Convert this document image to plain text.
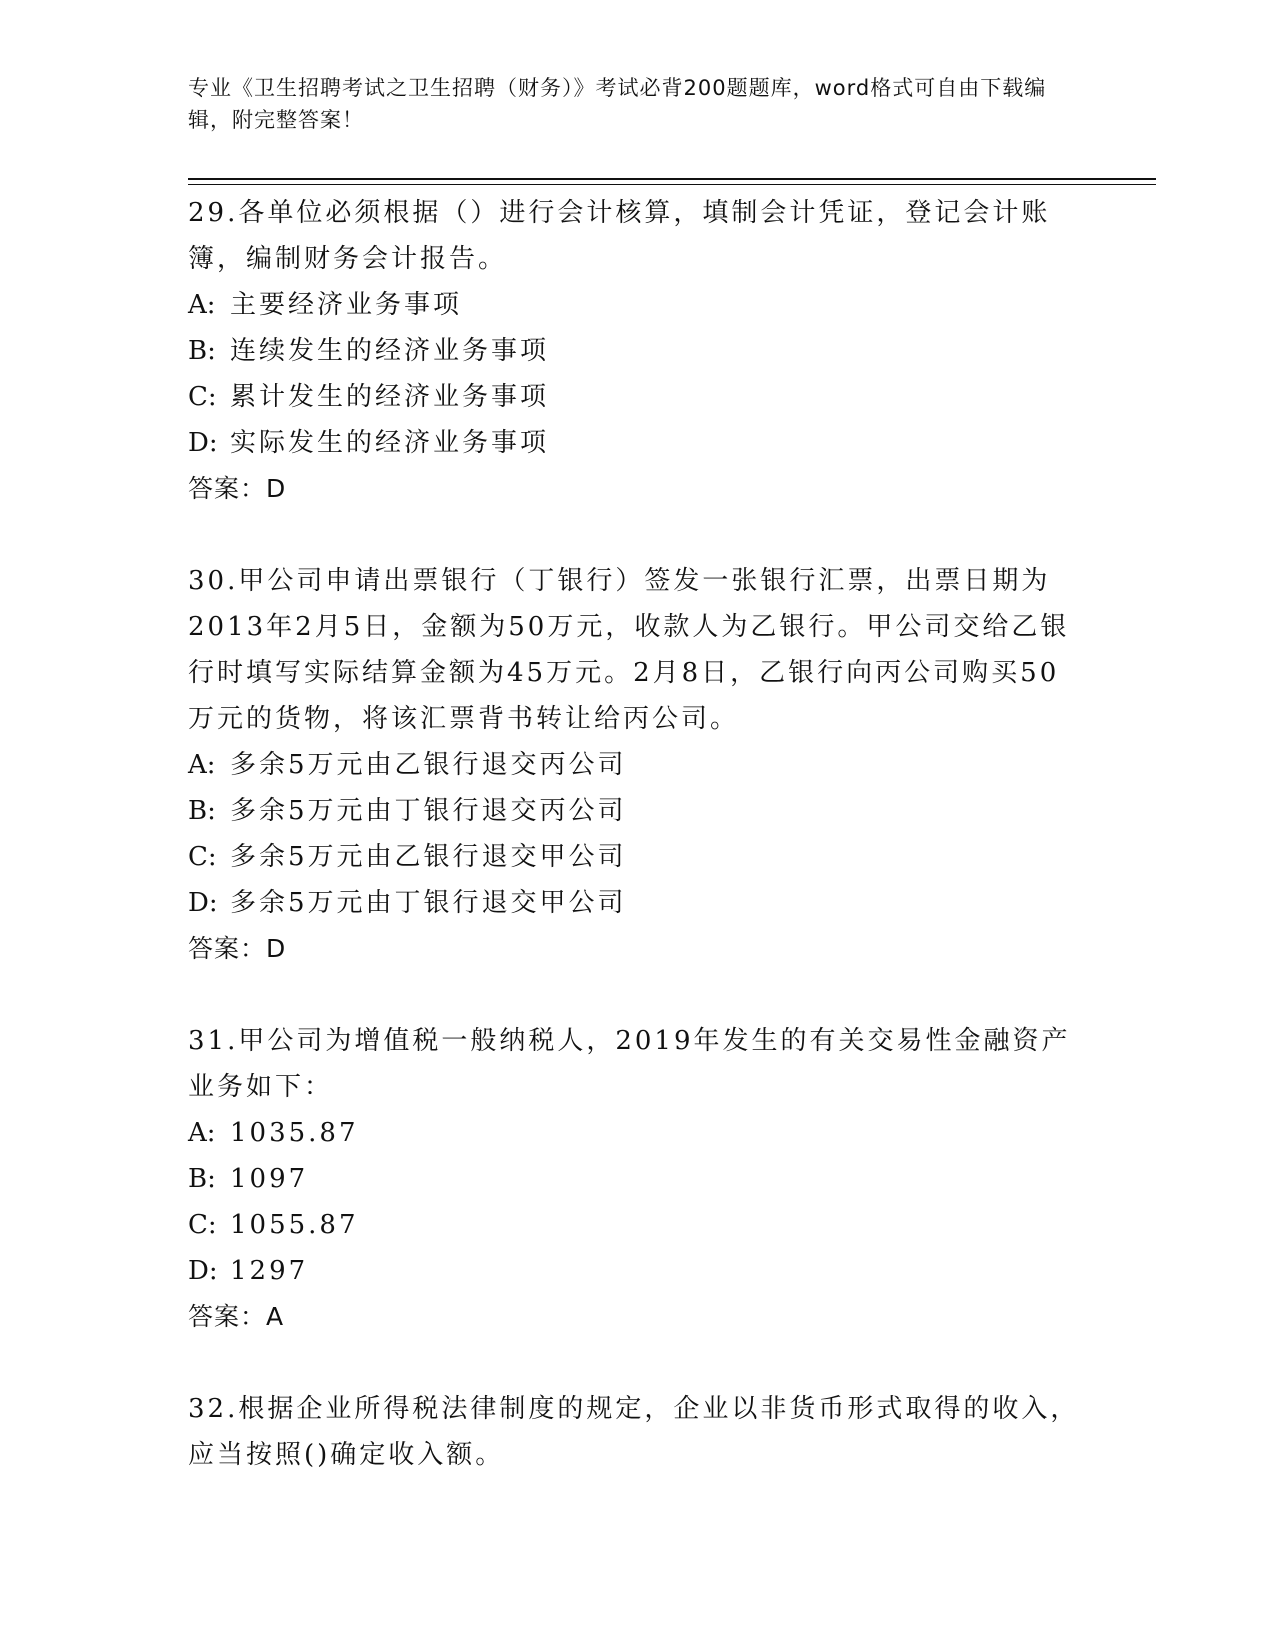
专业《卫生招聘考试之卫生招聘（财务）》考试必背200题题库，word格式可自由下载编辑，附完整答案！

29.各单位必须根据（）进行会计核算，填制会计凭证，登记会计账簿，编制财务会计报告。

A: 主要经济业务事项

B: 连续发生的经济业务事项

C: 累计发生的经济业务事项

D: 实际发生的经济业务事项

答案：D

30.甲公司申请出票银行（丁银行）签发一张银行汇票，出票日期为2013年2月5日，金额为50万元，收款人为乙银行。甲公司交给乙银行时填写实际结算金额为45万元。2月8日，乙银行向丙公司购买50万元的货物，将该汇票背书转让给丙公司。

A: 多余5万元由乙银行退交丙公司

B: 多余5万元由丁银行退交丙公司

C: 多余5万元由乙银行退交甲公司

D: 多余5万元由丁银行退交甲公司

答案：D

31.甲公司为增值税一般纳税人，2019年发生的有关交易性金融资产业务如下：

A: 1035.87

B: 1097

C: 1055.87

D: 1297

答案：A

32.根据企业所得税法律制度的规定，企业以非货币形式取得的收入，应当按照()确定收入额。
